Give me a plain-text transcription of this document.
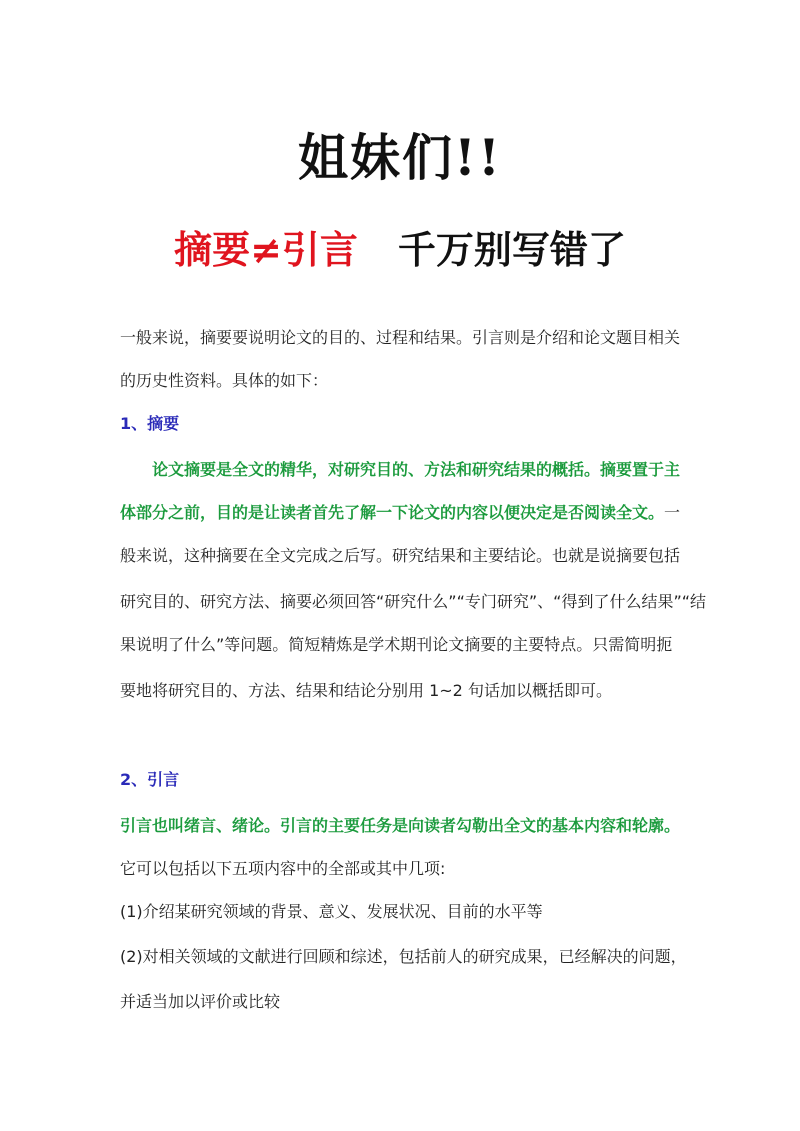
姐妹们!!
摘要≠引言 千万别写错了
一般来说，摘要要说明论文的目的、过程和结果。引言则是介绍和论文题目相关
的历史性资料。具体的如下：
1、摘要
论文摘要是全文的精华，对研究目的、方法和研究结果的概括。摘要置于主
体部分之前，目的是让读者首先了解一下论文的内容以便决定是否阅读全文。一
般来说，这种摘要在全文完成之后写。研究结果和主要结论。也就是说摘要包括
研究目的、研究方法、摘要必须回答“研究什么”“专门研究”、“得到了什么结果”“结
果说明了什么”等问题。简短精炼是学术期刊论文摘要的主要特点。只需简明扼
要地将研究目的、方法、结果和结论分别用 1~2 句话加以概括即可。
2、引言
引言也叫绪言、绪论。引言的主要任务是向读者勾勒出全文的基本内容和轮廓。
它可以包括以下五项内容中的全部或其中几项:
(1)介绍某研究领域的背景、意义、发展状况、目前的水平等
(2)对相关领域的文献进行回顾和综述，包括前人的研究成果，已经解决的问题，
并适当加以评价或比较
